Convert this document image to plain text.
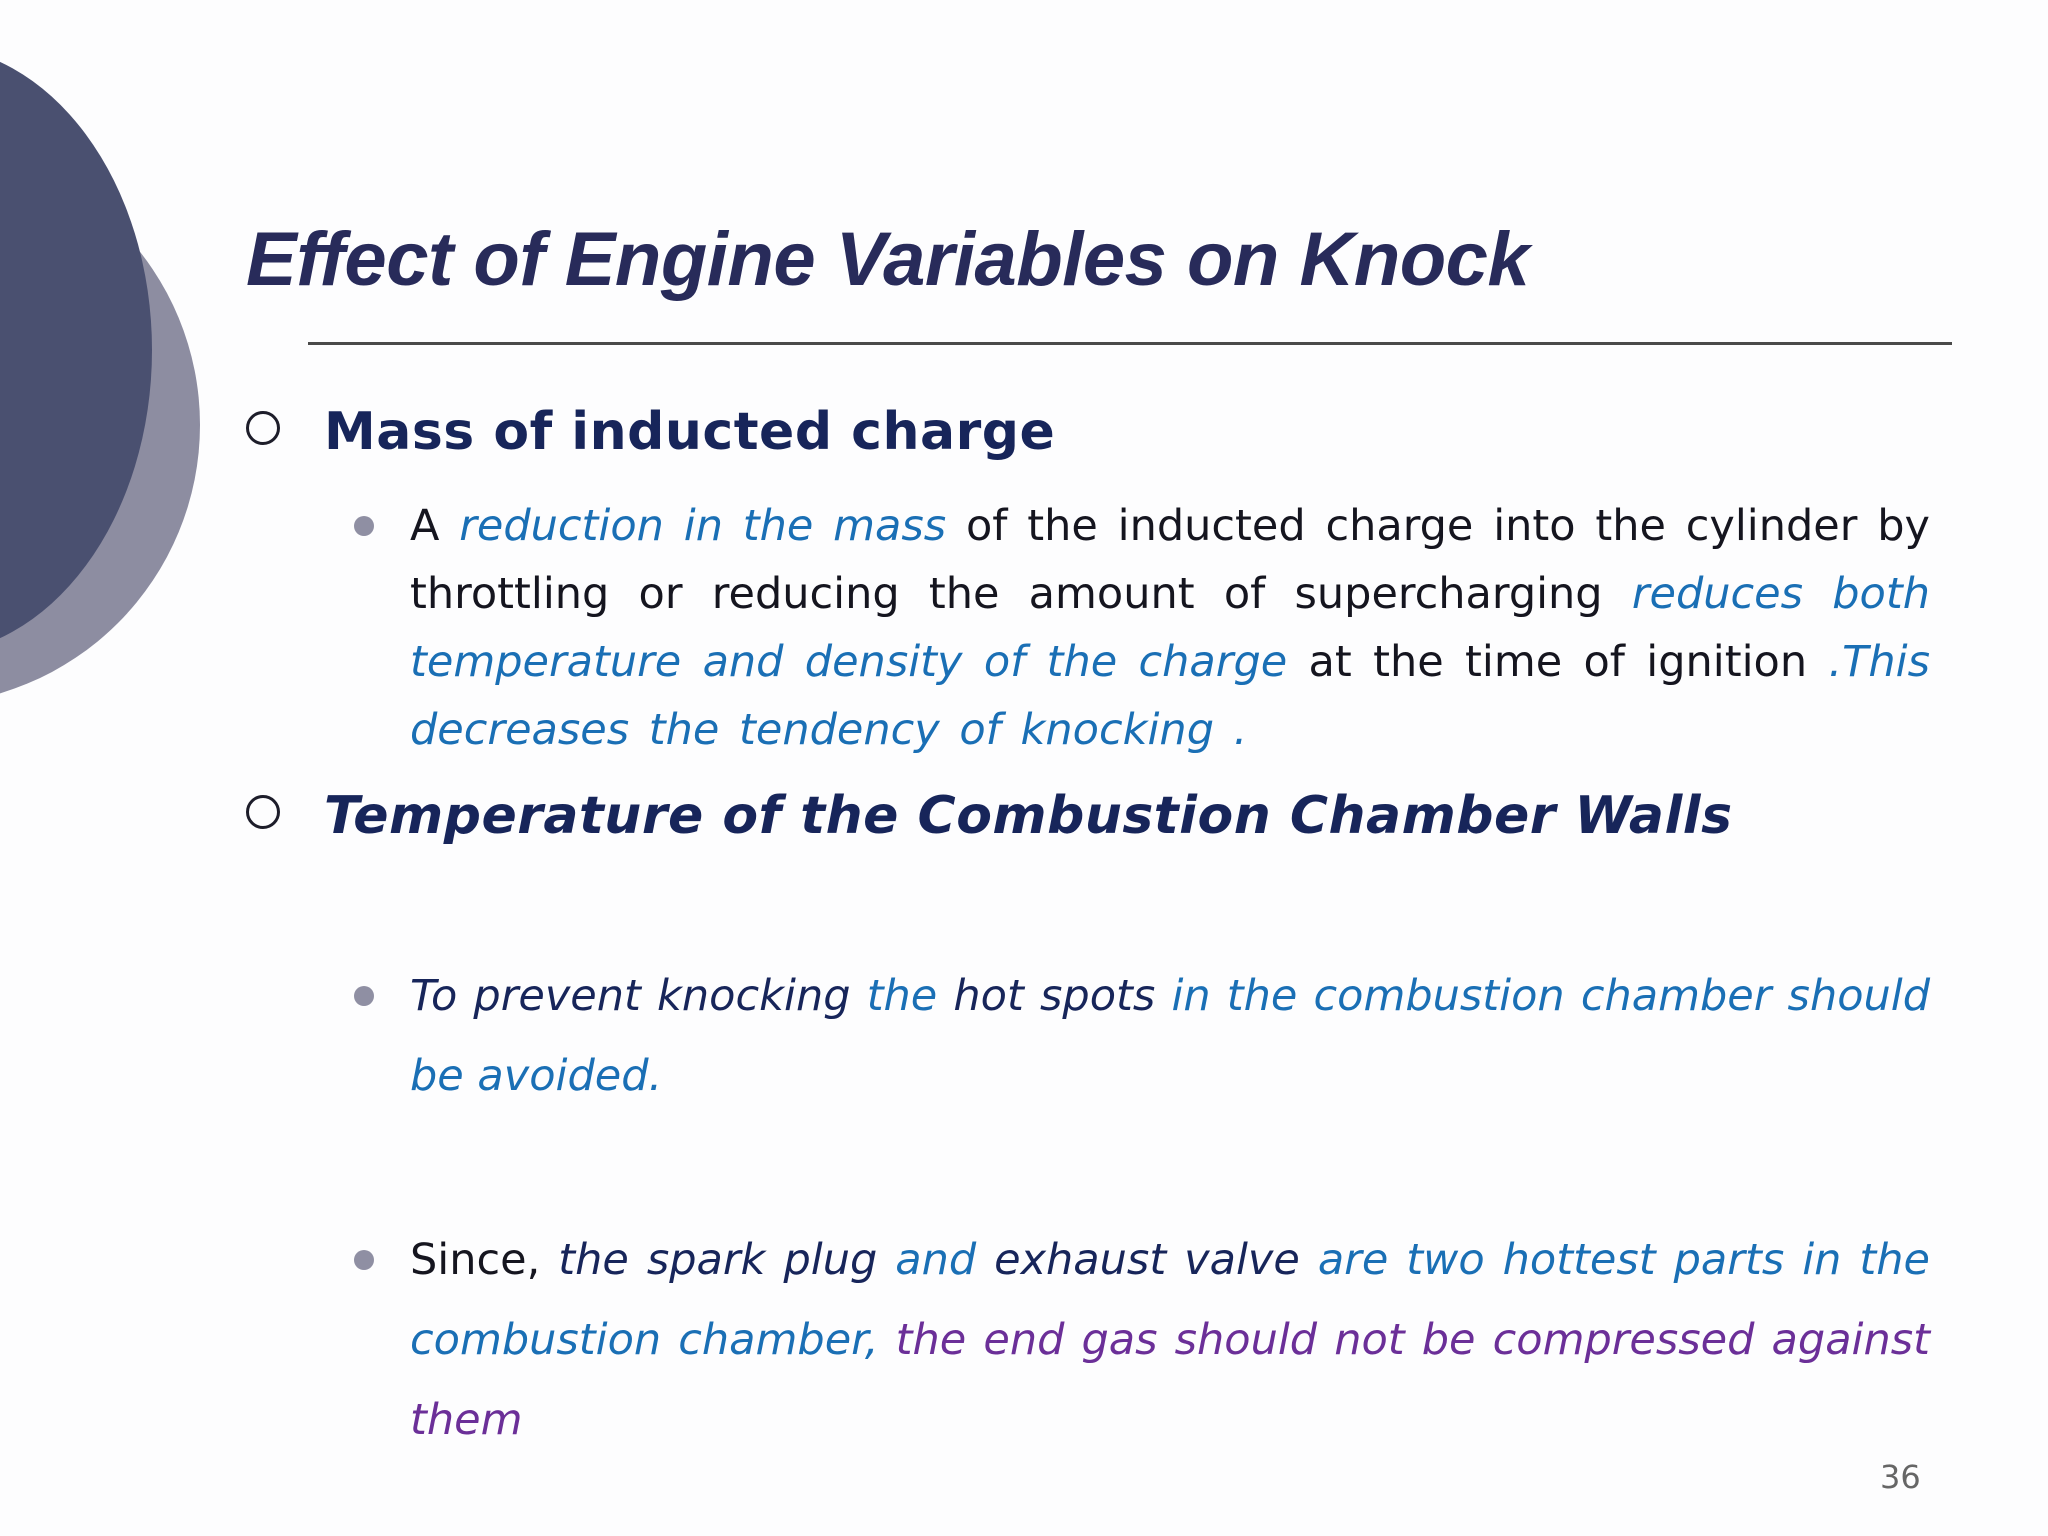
Effect of Engine Variables on Knock
Mass of inducted charge

A reduction in the mass of the inducted charge into the cylinder by throttling or reducing the amount of supercharging reduces both temperature and density of the charge at the time of ignition .This decreases the tendency of knocking .

Temperature of the Combustion Chamber Walls

To prevent knocking the hot spots in the combustion chamber should be avoided.

Since, the spark plug and exhaust valve are two hottest parts in the combustion chamber, the end gas should not be compressed against them

36
